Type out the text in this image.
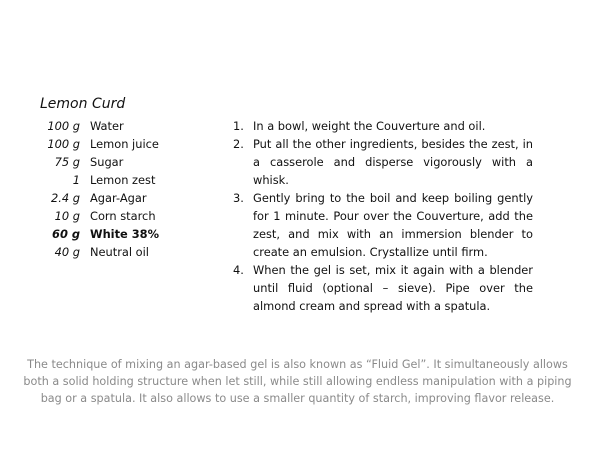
Lemon Curd
100 g Water
100 g Lemon juice
75 g Sugar
1 Lemon zest
2.4 g Agar-Agar
10 g Corn starch
60 g White 38%
40 g Neutral oil
1. In a bowl, weight the Couverture and oil.
2. Put all the other ingredients, besides the zest, in a casserole and disperse vigorously with a whisk.
3. Gently bring to the boil and keep boiling gently for 1 minute. Pour over the Couverture, add the zest, and mix with an immersion blender to create an emulsion. Crystallize until firm.
4. When the gel is set, mix it again with a blender until fluid (optional – sieve). Pipe over the almond cream and spread with a spatula.

The technique of mixing an agar-based gel is also known as “Fluid Gel”. It simultaneously allows both a solid holding structure when let still, while still allowing endless manipulation with a piping bag or a spatula. It also allows to use a smaller quantity of starch, improving flavor release.
